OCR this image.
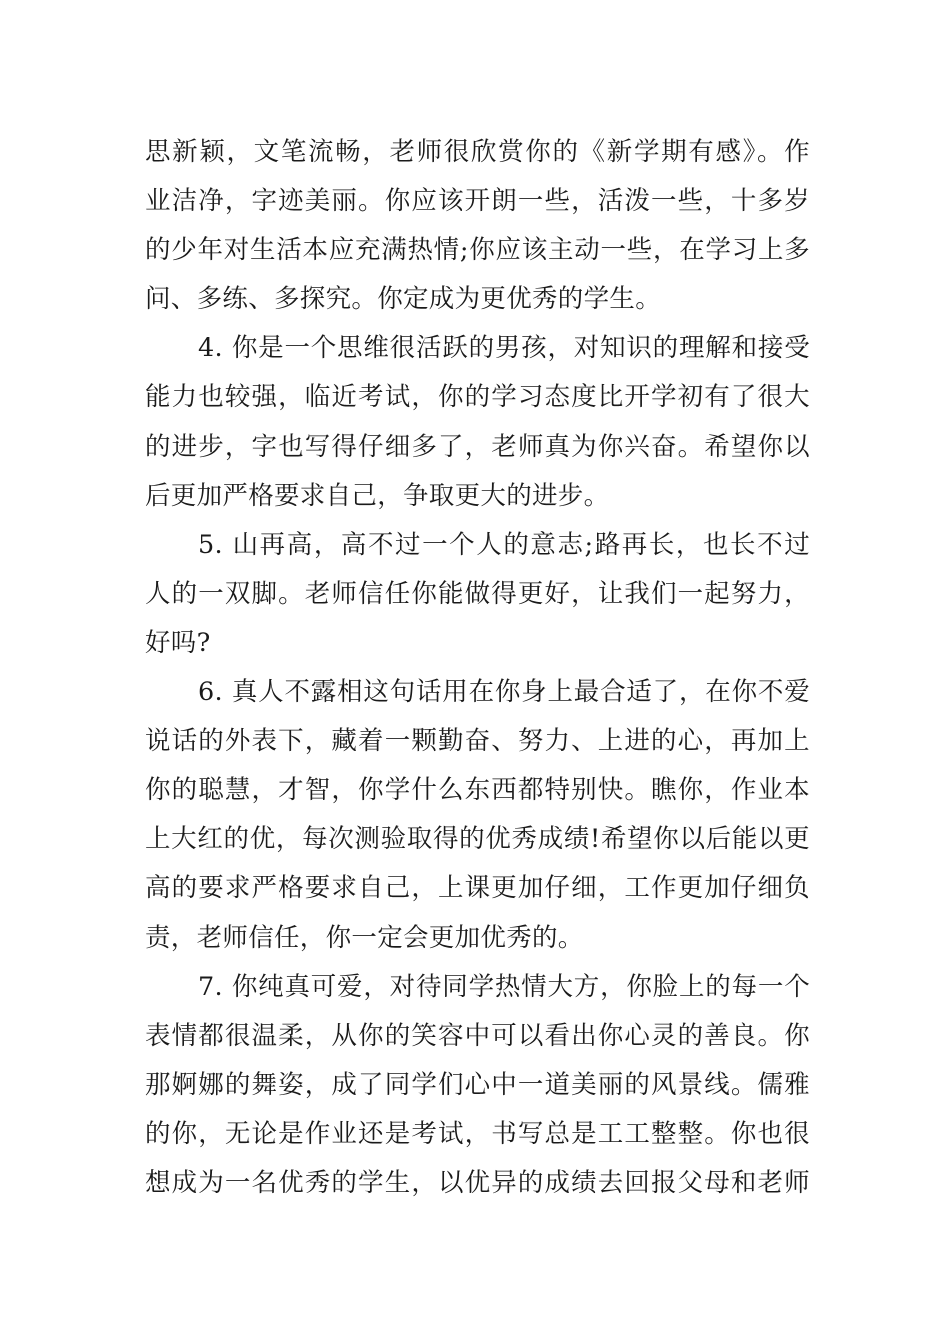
思新颖，文笔流畅，老师很欣赏你的《新学期有感》。作
业洁净，字迹美丽。你应该开朗一些，活泼一些，十多岁
的少年对生活本应充满热情;你应该主动一些，在学习上多
问、多练、多探究。你定成为更优秀的学生。
4. 你是一个思维很活跃的男孩，对知识的理解和接受
能力也较强，临近考试，你的学习态度比开学初有了很大
的进步，字也写得仔细多了，老师真为你兴奋。希望你以
后更加严格要求自己，争取更大的进步。
5. 山再高，高不过一个人的意志;路再长，也长不过
人的一双脚。老师信任你能做得更好，让我们一起努力，
好吗?
6. 真人不露相这句话用在你身上最合适了，在你不爱
说话的外表下，藏着一颗勤奋、努力、上进的心，再加上
你的聪慧，才智，你学什么东西都特别快。瞧你，作业本
上大红的优，每次测验取得的优秀成绩!希望你以后能以更
高的要求严格要求自己，上课更加仔细，工作更加仔细负
责，老师信任，你一定会更加优秀的。
7. 你纯真可爱，对待同学热情大方，你脸上的每一个
表情都很温柔，从你的笑容中可以看出你心灵的善良。你
那婀娜的舞姿，成了同学们心中一道美丽的风景线。儒雅
的你，无论是作业还是考试，书写总是工工整整。你也很
想成为一名优秀的学生，以优异的成绩去回报父母和老师
